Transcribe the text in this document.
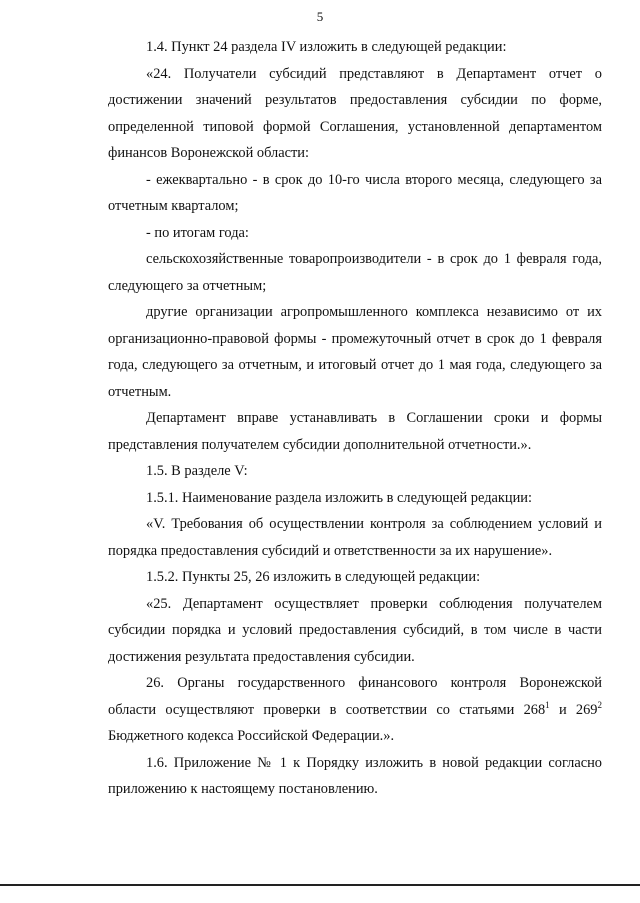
5

1.4. Пункт 24 раздела IV изложить в следующей редакции:

«24. Получатели субсидий представляют в Департамент отчет о достижении значений результатов предоставления субсидии по форме, определенной типовой формой Соглашения, установленной департаментом финансов Воронежской области:

- ежеквартально - в срок до 10-го числа второго месяца, следующего за отчетным кварталом;

- по итогам года:

сельскохозяйственные товаропроизводители - в срок до 1 февраля года, следующего за отчетным;

другие организации агропромышленного комплекса независимо от их организационно-правовой формы - промежуточный отчет в срок до 1 февраля года, следующего за отчетным, и итоговый отчет до 1 мая года, следующего за отчетным.

Департамент вправе устанавливать в Соглашении сроки и формы представления получателем субсидии дополнительной отчетности.».

1.5. В разделе V:

1.5.1. Наименование раздела изложить в следующей редакции:

«V. Требования об осуществлении контроля за соблюдением условий и порядка предоставления субсидий и ответственности за их нарушение».

1.5.2. Пункты 25, 26 изложить в следующей редакции:

«25. Департамент осуществляет проверки соблюдения получателем субсидии порядка и условий предоставления субсидий, в том числе в части достижения результата предоставления субсидии.

26. Органы государственного финансового контроля Воронежской области осуществляют проверки в соответствии со статьями $268^1$ и $269^2$ Бюджетного кодекса Российской Федерации.».

1.6. Приложение № 1 к Порядку изложить в новой редакции согласно приложению к настоящему постановлению.
